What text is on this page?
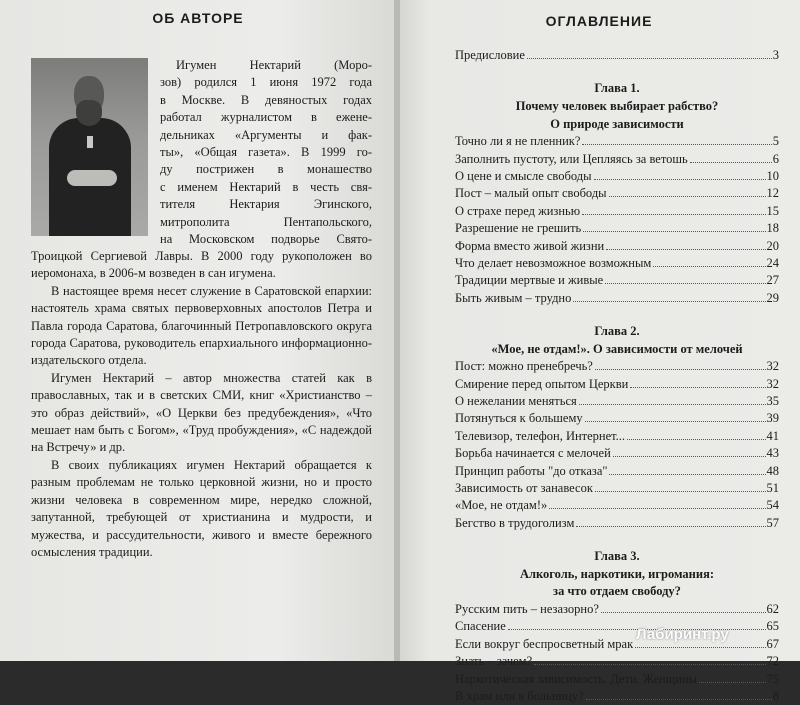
ОБ АВТОРЕ
Игумен Нектарий (Моро-
зов) родился 1 июня 1972 года
в Москве. В девяностых годах
работал журналистом в еженe-
дельниках «Аргументы и фак-
ты», «Общая газета». В 1999 го-
ду пострижен в монашество
с именем Нектарий в честь свя-
тителя Нектария Эгинского,
митрополита Пентапольского,
на Московском подворье Свято-

Троицкой Сергиевой Лавры. В 2000 году рукоположен во иеромонаха, в 2006-м возведен в сан игумена.

В настоящее время несет служение в Саратовской епархии: настоятель храма святых первоверховных апостолов Петра и Павла города Саратова, благочинный Петропавловского округа города Саратова, руководитель епархиального информационно-издательского отдела.

Игумен Нектарий – автор множества статей как в православных, так и в светских СМИ, книг «Христианство – это образ действий», «О Церкви без предубеждения», «Что мешает нам быть с Богом», «Труд пробуждения», «С надеждой на Встречу» и др.

В своих публикациях игумен Нектарий обращается к разным проблемам не только церковной жизни, но и просто жизни человека в современном мире, нередко сложной, запутанной, требующей от христианина и мудрости, и мужества, и рассудительности, живого и вместе бережного осмысления традиции.

ОГЛАВЛЕНИЕ
Предисловие	3
Глава 1.
Почему человек выбирает рабство?
О природе зависимости
Точно ли я не пленник?	5
Заполнить пустоту, или Цепляясь за ветошь	6
О цене и смысле свободы	10
Пост – малый опыт свободы	12
О страхе перед жизнью	15
Разрешение не грешить	18
Форма вместо живой жизни	20
Что делает невозможное возможным	24
Традиции мертвые и живые	27
Быть живым – трудно	29
Глава 2.
«Мое, не отдам!». О зависимости от мелочей
Пост: можно пренебречь?	32
Смирение перед опытом Церкви	32
О нежелании меняться	35
Потянуться к большему	39
Телевизор, телефон, Интернет...	41
Борьба начинается с мелочей	43
Принцип работы "до отказа"	48
Зависимость от занавесок	51
«Мое, не отдам!»	54
Бегство в трудоголизм	57
Глава 3.
Алкоголь, наркотики, игромания:
за что отдаем свободу?
Русским пить – незазорно?	62
Спасение	65
Если вокруг беспросветный мрак	67
Знать – зачем?	72
Наркотическая зависимость. Дети. Женщины	75
В храм или в больницу?	8
Лабиринт.ру
